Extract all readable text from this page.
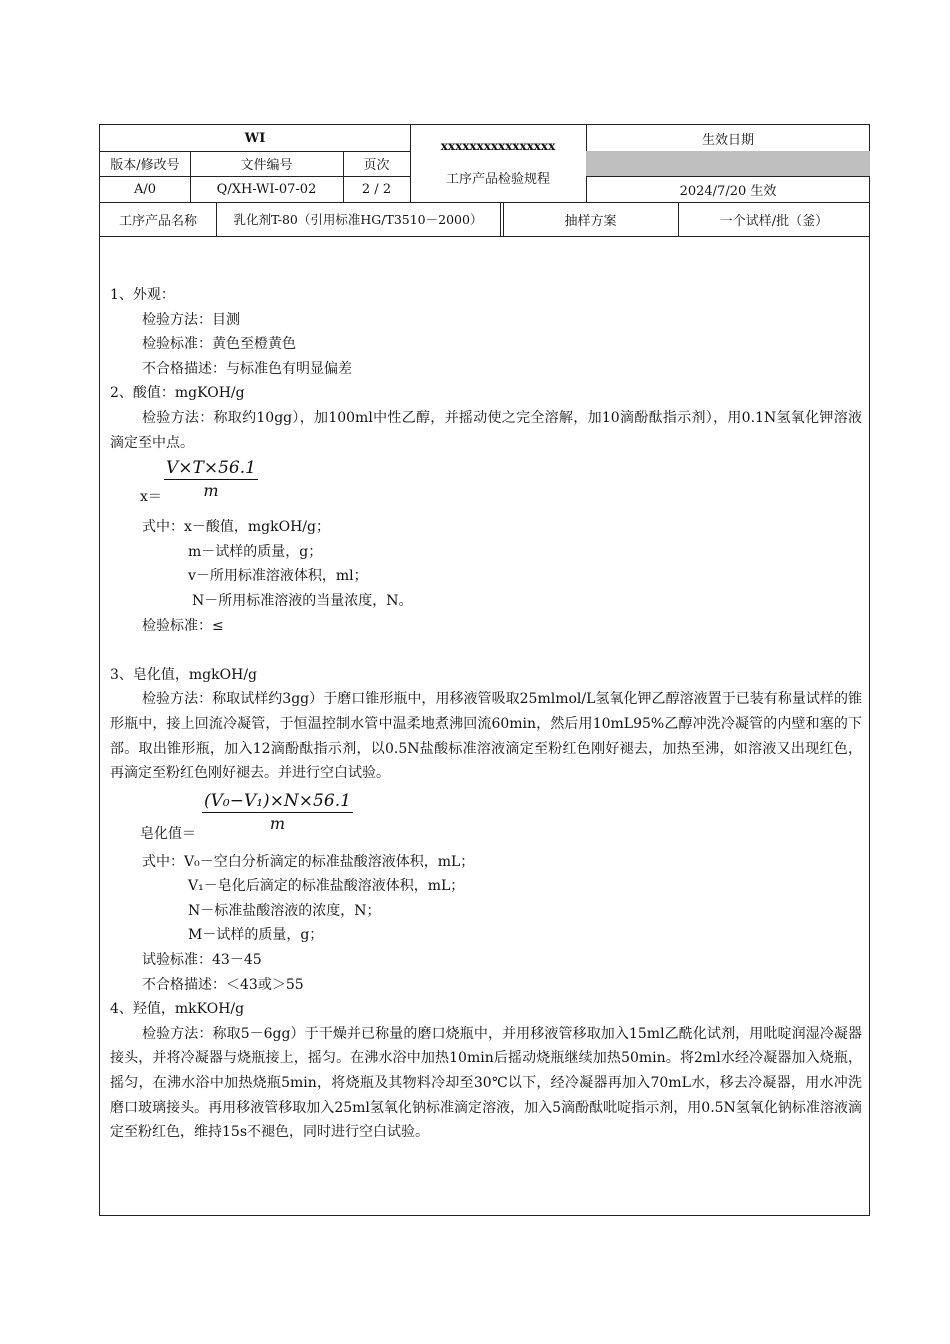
WI
xxxxxxxxxxxxxxxx
工序产品检验规程
生效日期
版本/修改号	文件编号	页次
A/0	Q/XH-WI-07-02	2 / 2	2024/7/20 生效
工序产品名称	乳化剂T-80（引用标准HG/T3510－2000）	抽样方案	一个试样/批（釜）

1、外观：

检验方法：目测

检验标准：黄色至橙黄色

不合格描述：与标准色有明显偏差

2、酸值：mgKOH/g

检验方法：称取约10gg），加100ml中性乙醇，并摇动使之完全溶解，加10滴酚酞指示剂），用0.1N氢氧化钾溶液滴定至中点。

$x= \frac{V\times T\times 56.1}{m}$

式中：x－酸值，mgkOH/g；

m－试样的质量，g；

v－所用标准溶液体积，ml；

N－所用标准溶液的当量浓度，N。

检验标准：≤

3、皂化值，mgkOH/g

检验方法：称取试样约3gg）于磨口锥形瓶中，用移液管吸取25mlmol/L氢氧化钾乙醇溶液置于已装有称量试样的锥形瓶中，接上回流冷凝管，于恒温控制水管中温柔地煮沸回流60min，然后用10mL95%乙醇冲洗冷凝管的内壁和塞的下部。取出锥形瓶，加入12滴酚酞指示剂，以0.5N盐酸标准溶液滴定至粉红色刚好褪去，加热至沸，如溶液又出现红色，再滴定至粉红色刚好褪去。并进行空白试验。

皂化值＝ $\frac{\text{(V₀−V₁)×N×56.1}}{m}$

式中：V₀－空白分析滴定的标准盐酸溶液体积，mL；

V₁－皂化后滴定的标准盐酸溶液体积，mL；

N－标准盐酸溶液的浓度，N；

M－试样的质量，g；

试验标准：43－45

不合格描述：＜43或＞55

4、羟值，mkKOH/g

检验方法：称取5－6gg）于干燥并已称量的磨口烧瓶中，并用移液管移取加入15ml乙酰化试剂，用吡啶润湿冷凝器接头，并将冷凝器与烧瓶接上，摇匀。在沸水浴中加热10min后摇动烧瓶继续加热50min。将2ml水经冷凝器加入烧瓶，摇匀，在沸水浴中加热烧瓶5min，将烧瓶及其物料冷却至30℃以下，经冷凝器再加入70mL水，移去冷凝器，用水冲洗磨口玻璃接头。再用移液管移取加入25ml氢氧化钠标准滴定溶液，加入5滴酚酞吡啶指示剂，用0.5N氢氧化钠标准溶液滴定至粉红色，维持15s不褪色，同时进行空白试验。
